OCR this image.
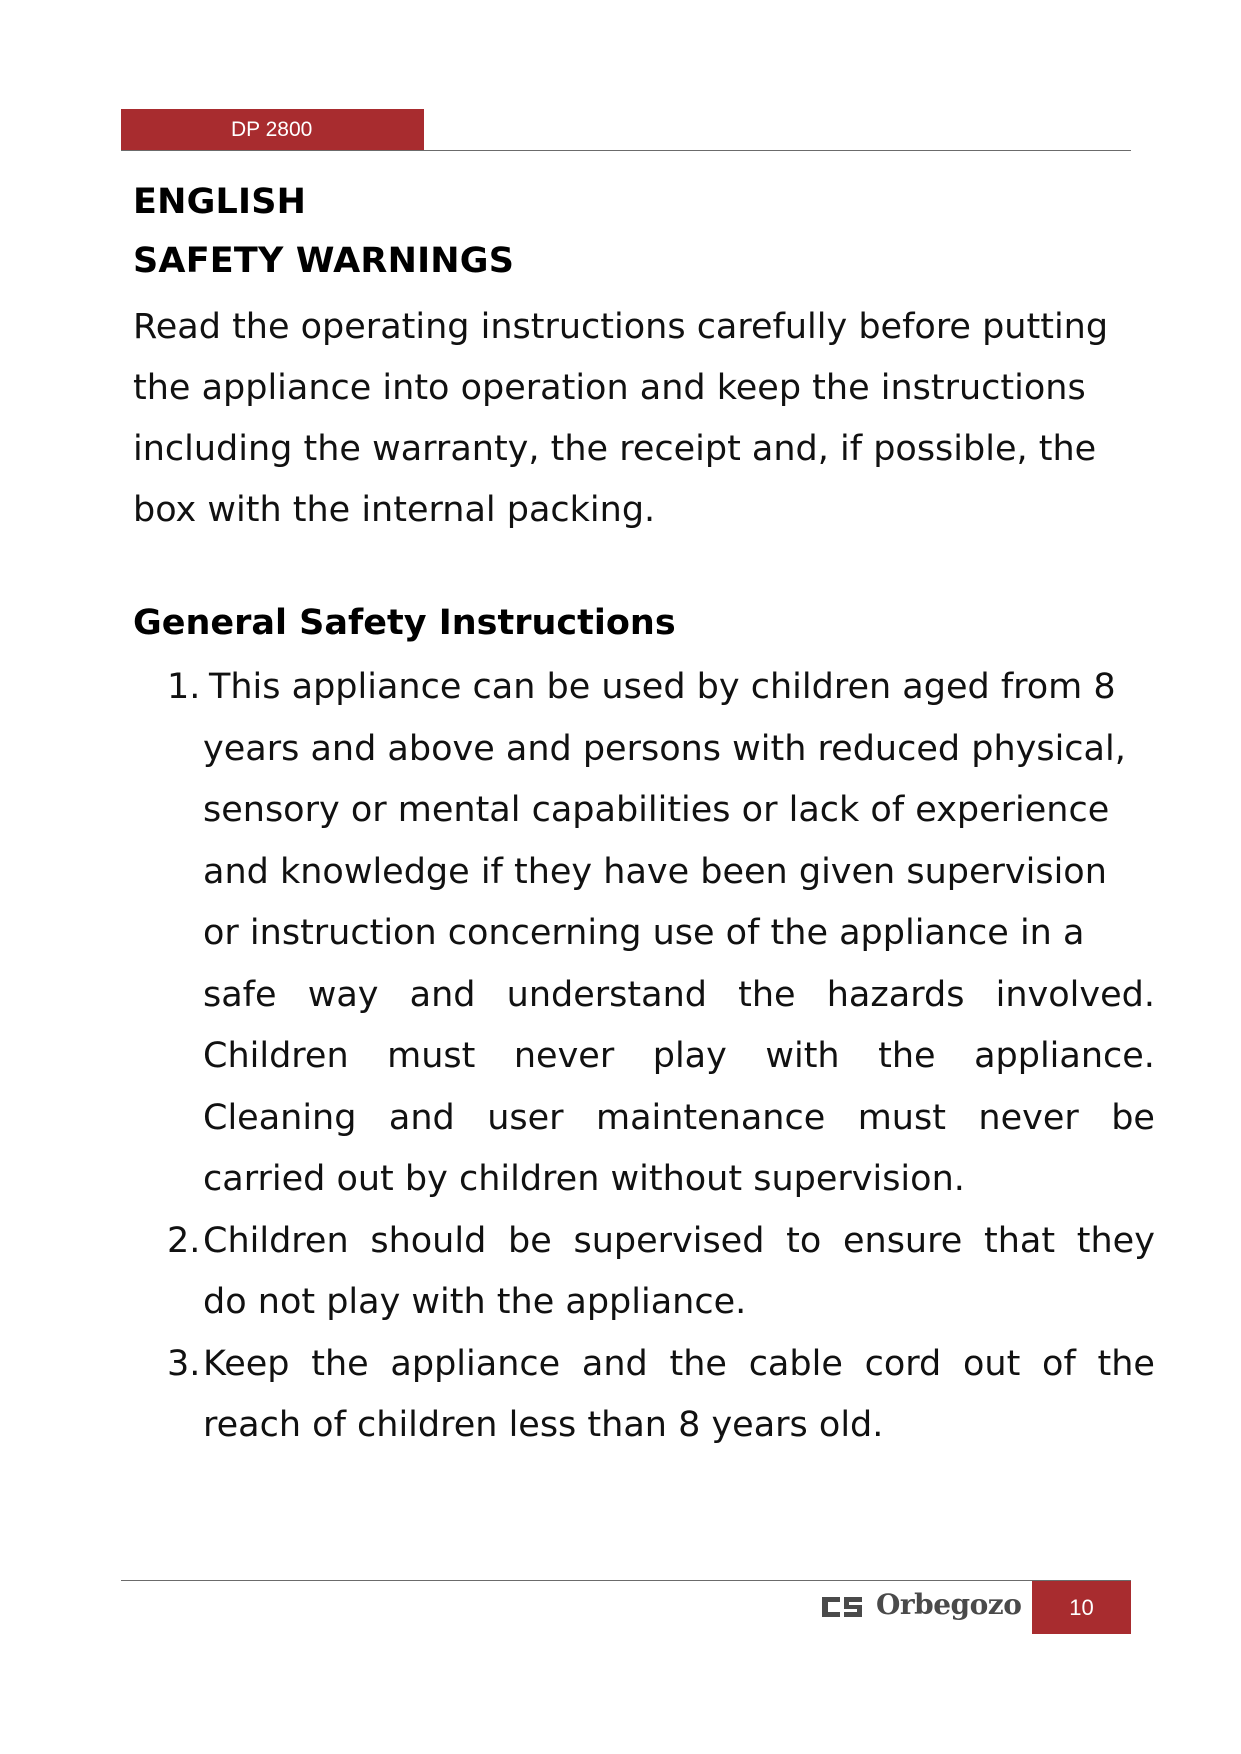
DP 2800
ENGLISH
SAFETY WARNINGS

Read the operating instructions carefully before putting
the appliance into operation and keep the instructions
including the warranty, the receipt and, if possible, the
box with the internal packing.

General Safety Instructions
1. This appliance can be used by children aged from 8
years and above and persons with reduced physical,
sensory or mental capabilities or lack of experience
and knowledge if they have been given supervision
or instruction concerning use of the appliance in a
safe way and understand the hazards involved.
Children must never play with the appliance.
Cleaning and user maintenance must never be
carried out by children without supervision.
2. Children should be supervised to ensure that they
do not play with the appliance.
3. Keep the appliance and the cable cord out of the
reach of children less than 8 years old.
Orbegozo	10
